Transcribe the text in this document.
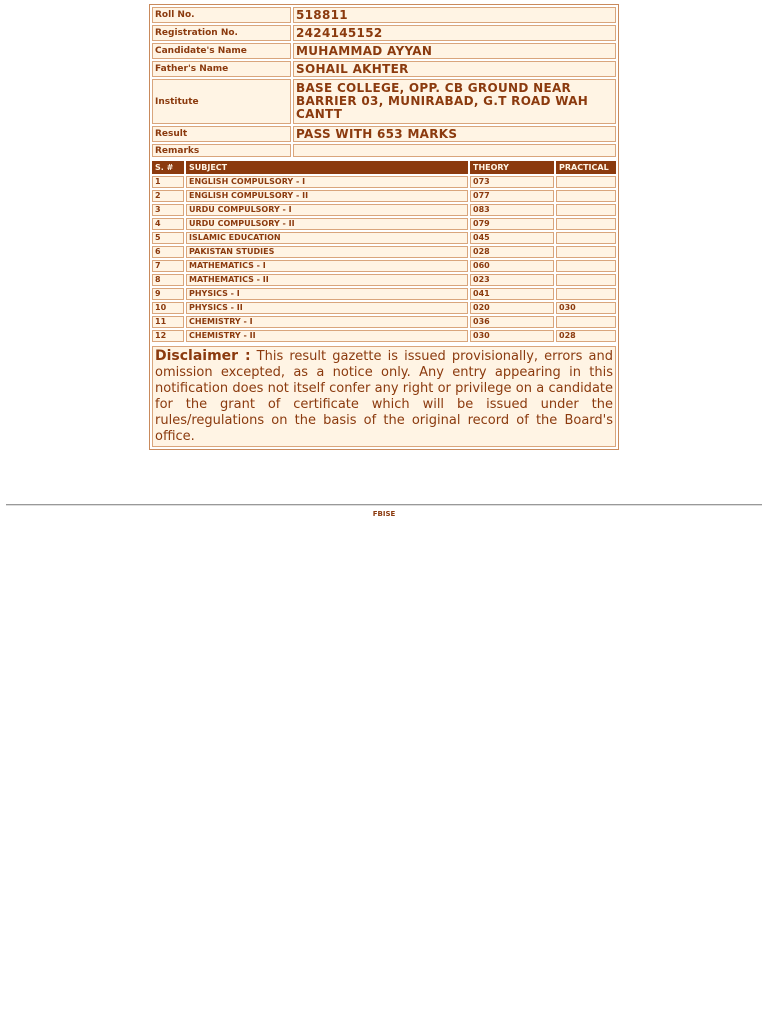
Roll No.	518811
Registration No.	2424145152
Candidate's Name	MUHAMMAD AYYAN
Father's Name	SOHAIL AKHTER
Institute	BASE COLLEGE, OPP. CB GROUND NEAR BARRIER 03, MUNIRABAD, G.T ROAD WAH CANTT
Result	PASS WITH 653 MARKS
Remarks	
S. #	SUBJECT	THEORY	PRACTICAL
1	ENGLISH COMPULSORY - I	073	
2	ENGLISH COMPULSORY - II	077	
3	URDU COMPULSORY - I	083	
4	URDU COMPULSORY - II	079	
5	ISLAMIC EDUCATION	045	
6	PAKISTAN STUDIES	028	
7	MATHEMATICS - I	060	
8	MATHEMATICS - II	023	
9	PHYSICS - I	041	
10	PHYSICS - II	020	030
11	CHEMISTRY - I	036	
12	CHEMISTRY - II	030	028
Disclaimer : This result gazette is issued provisionally, errors and omission excepted, as a notice only. Any entry appearing in this notification does not itself confer any right or privilege on a candidate for the grant of certificate which will be issued under the rules/regulations on the basis of the original record of the Board's office.
FBISE
